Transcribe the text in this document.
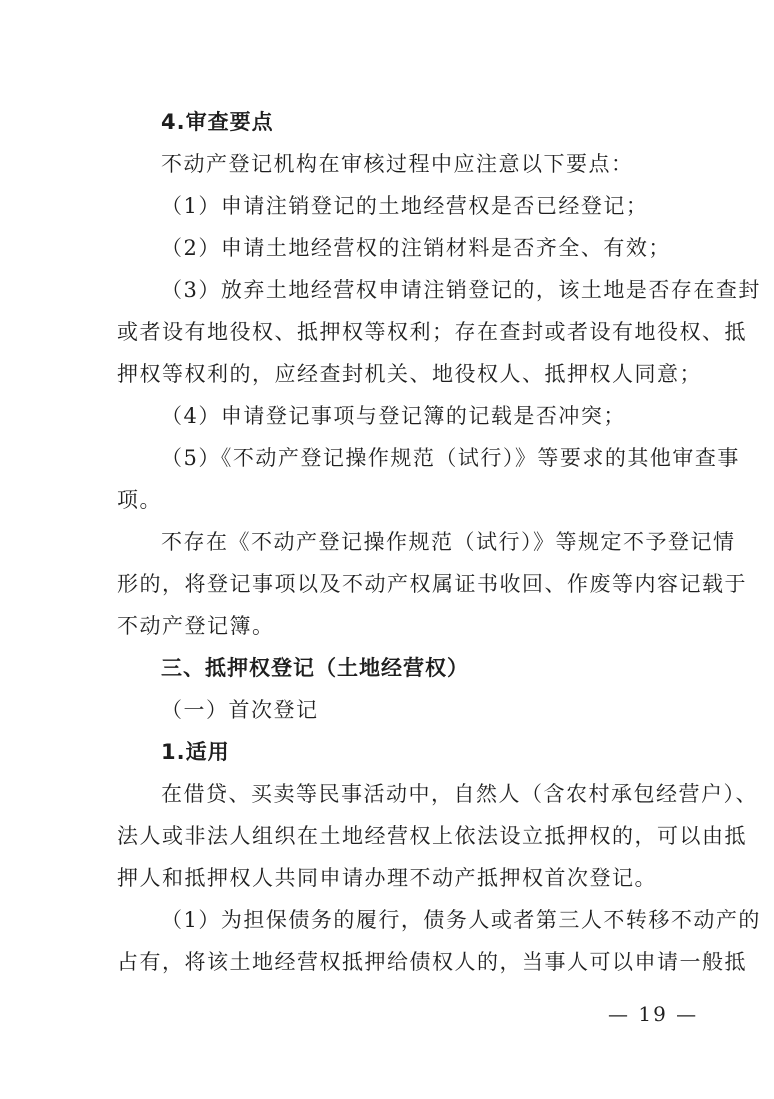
4.审查要点
不动产登记机构在审核过程中应注意以下要点：
（1）申请注销登记的土地经营权是否已经登记；
（2）申请土地经营权的注销材料是否齐全、有效；
（3）放弃土地经营权申请注销登记的，该土地是否存在查封
或者设有地役权、抵押权等权利；存在查封或者设有地役权、抵
押权等权利的，应经查封机关、地役权人、抵押权人同意；
（4）申请登记事项与登记簿的记载是否冲突；
（5）《不动产登记操作规范（试行）》等要求的其他审查事
项。
不存在《不动产登记操作规范（试行）》等规定不予登记情
形的，将登记事项以及不动产权属证书收回、作废等内容记载于
不动产登记簿。
三、抵押权登记（土地经营权）
（一）首次登记
1.适用
在借贷、买卖等民事活动中，自然人（含农村承包经营户）、
法人或非法人组织在土地经营权上依法设立抵押权的，可以由抵
押人和抵押权人共同申请办理不动产抵押权首次登记。
（1）为担保债务的履行，债务人或者第三人不转移不动产的
占有，将该土地经营权抵押给债权人的，当事人可以申请一般抵
— 19 —
